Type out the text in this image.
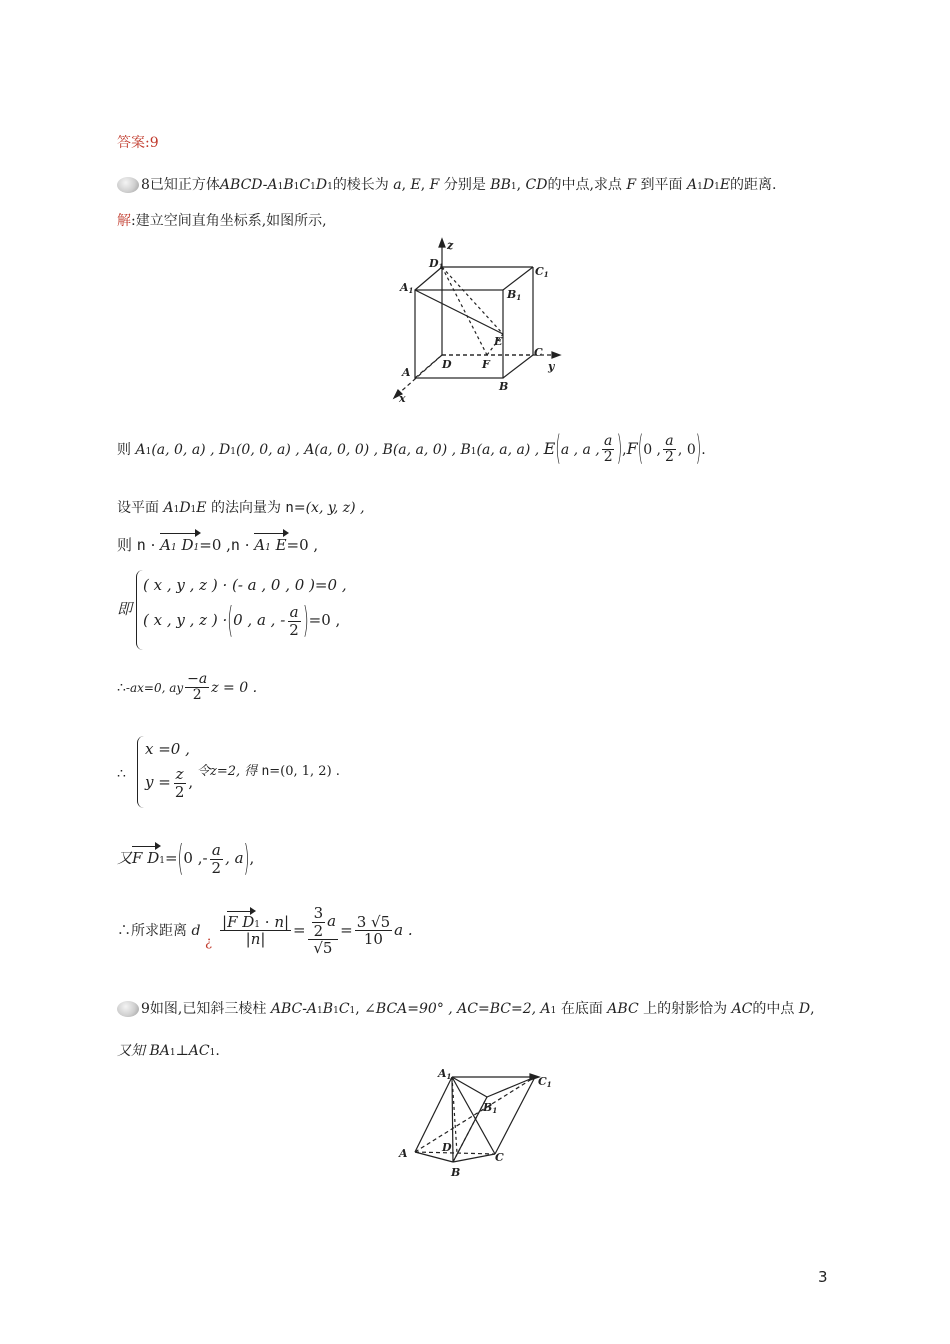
答案:9
8已知正方体ABCD-A1B1C1D1的棱长为 a, E, F 分别是 BB1, CD的中点,求点 F 到平面 A1D1E的距离.
解:建立空间直角坐标系,如图所示,
z
y
x
D1	C1
A1	B1
E
C
D	F
A
B
则 A1(a, 0, a) , D1(0, 0, a) , A(a, 0, 0) , B(a, a, 0) , B1(a, a, a) , E(a , a , $\frac{a}{2} ),F(0$ , $\frac{a}{2}$ , 0).
设平面 A1D1E 的法向量为 n=(x, y, z) ,
则 n · A1 D1=0 ,n · A1 E=0 ,
即
( x , y , z ) · (- a , 0 , 0 )=0 ,
( x , y , z ) ·(0 , a , - $\frac{a}{2} )=0$ ,
∴-ax=0, ay $\frac{-a}{2}$ z = 0 .
∴
x =0 ,
$y = \frac{z}{2}$ ,
令z=2, 得 n=(0, 1, 2) .
又F D1=(0 ,- $\frac{a}{2}$ , a),
∴所求距离 d
¿ $\frac{\text{|F D1 · n|}}{|n|} = \frac{\frac{3}{2} a}{√5} = \frac{3 √5}{10}$ a .
9如图,已知斜三棱柱 ABC-A1B1C1, ∠BCA=90° , AC=BC=2, A1 在底面 ABC 上的射影恰为 AC的中点 D,
又知 BA1⊥AC1.
A1	C1
B1
D
A	C
B
3
